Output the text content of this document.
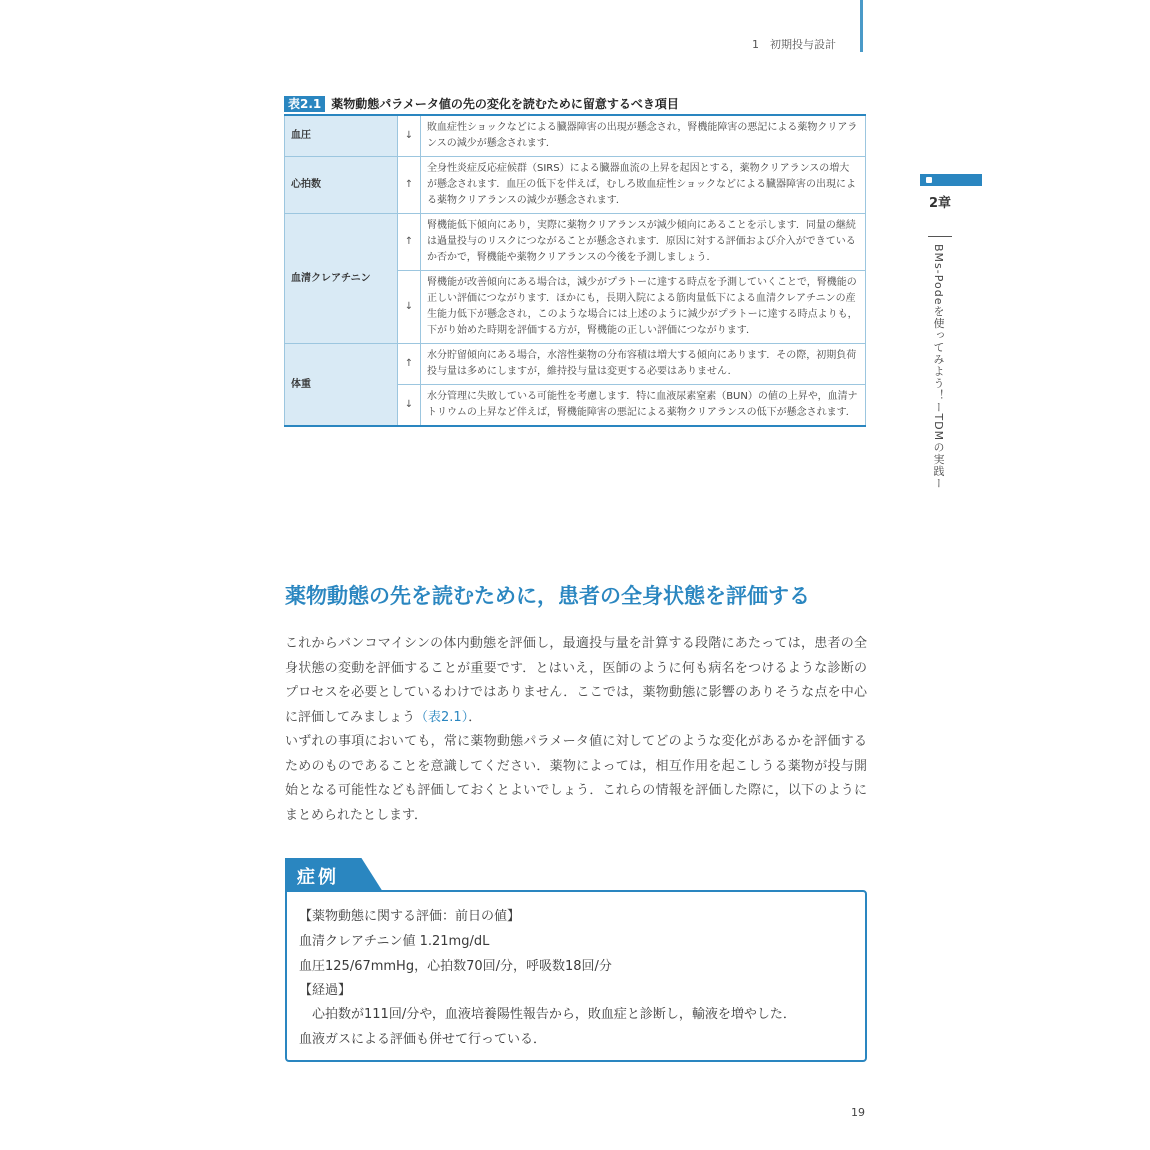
1　初期投与設計
表2.1 薬物動態パラメータ値の先の変化を読むために留意するべき項目
血圧	↓	敗血症性ショックなどによる臓器障害の出現が懸念され，腎機能障害の悪記による薬物クリアランスの減少が懸念されます．
心拍数	↑	全身性炎症反応症候群（SIRS）による臓器血流の上昇を起因とする，薬物クリアランスの増大が懸念されます．血圧の低下を伴えば，むしろ敗血症性ショックなどによる臓器障害の出現による薬物クリアランスの減少が懸念されます．
血清クレアチニン	↑	腎機能低下傾向にあり，実際に薬物クリアランスが減少傾向にあることを示します．同量の継続は過量投与のリスクにつながることが懸念されます．原因に対する評価および介入ができているか否かで，腎機能や薬物クリアランスの今後を予測しましょう．
	↓	腎機能が改善傾向にある場合は，減少がプラトーに達する時点を予測していくことで，腎機能の正しい評価につながります．ほかにも，長期入院による筋肉量低下による血清クレアチニンの産生能力低下が懸念され，このような場合には上述のように減少がプラトーに達する時点よりも，下がり始めた時期を評価する方が，腎機能の正しい評価につながります．
体重	↑	水分貯留傾向にある場合，水溶性薬物の分布容積は増大する傾向にあります．その際，初期負荷投与量は多めにしますが，維持投与量は変更する必要はありません．
	↓	水分管理に失敗している可能性を考慮します．特に血液尿素窒素（BUN）の値の上昇や，血清ナトリウムの上昇など伴えば，腎機能障害の悪記による薬物クリアランスの低下が懸念されます．
2章
BMs-Podeを使ってみよう！ーTDMの実践ー
薬物動態の先を読むために，患者の全身状態を評価する
これからバンコマイシンの体内動態を評価し，最適投与量を計算する段階にあたっては，患者の全身状態の変動を評価することが重要です．とはいえ，医師のように何も病名をつけるような診断のプロセスを必要としているわけではありません．ここでは，薬物動態に影響のありそうな点を中心に評価してみましょう（表2.1）．
いずれの事項においても，常に薬物動態パラメータ値に対してどのような変化があるかを評価するためのものであることを意識してください．薬物によっては，相互作用を起こしうる薬物が投与開始となる可能性なども評価しておくとよいでしょう．これらの情報を評価した際に，以下のようにまとめられたとします．
症例
【薬物動態に関する評価：前日の値】
血清クレアチニン値 1.21mg/dL
血圧125/67mmHg，心拍数70回/分，呼吸数18回/分
【経過】
　心拍数が111回/分や，血液培養陽性報告から，敗血症と診断し，輸液を増やした．
血液ガスによる評価も併せて行っている．
19
